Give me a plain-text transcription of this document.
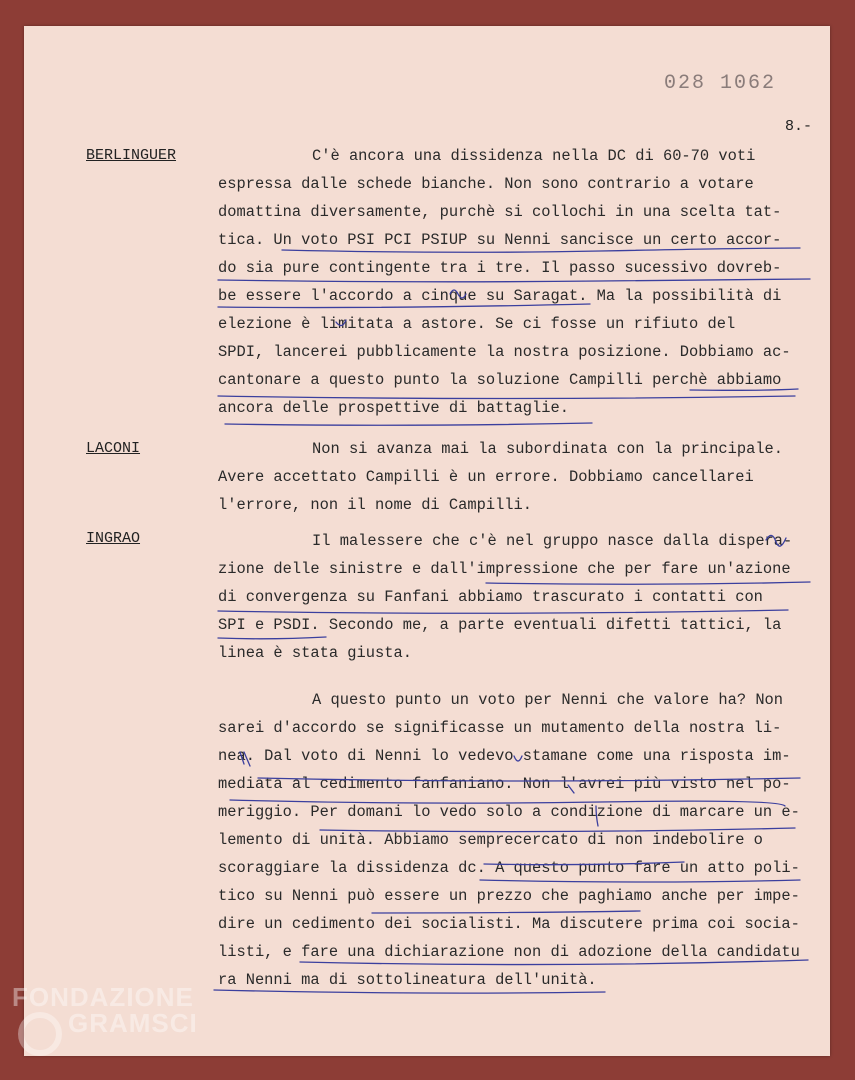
028 1062
8.-
BERLINGUER	C'è ancora una dissidenza nella DC di 60-70 voti
espressa dalle schede bianche. Non sono contrario a votare
domattina diversamente, purchè si collochi in una scelta tat-
tica. Un voto PSI PCI PSIUP su Nenni sancisce un certo accor-
do sia pure contingente tra i tre. Il passo sucessivo dovreb-
be essere l'accordo a cinque su Saragat. Ma la possibilità di
elezione è limitata a astore. Se ci fosse un rifiuto del
SPDI, lancerei pubblicamente la nostra posizione. Dobbiamo ac-
cantonare a questo punto la soluzione Campilli perchè abbiamo
ancora delle prospettive di battaglie.
LACONI	Non si avanza mai la subordinata con la principale.
Avere accettato Campilli è un errore. Dobbiamo cancellarei
l'errore, non il nome di Campilli.
INGRAO	Il malessere che c'è nel gruppo nasce dalla dispera-
zione delle sinistre e dall'impressione che per fare un'azione
di convergenza su Fanfani abbiamo trascurato i contatti con
SPI e PSDI. Secondo me, a parte eventuali difetti tattici, la
linea è stata giusta.
A questo punto un voto per Nenni che valore ha? Non
sarei d'accordo se significasse un mutamento della nostra li-
nea. Dal voto di Nenni lo vedevo stamane come una risposta im-
mediata al cedimento fanfaniano. Non l'avrei più visto nel po-
meriggio. Per domani lo vedo solo a condizione di marcare un e-
lemento di unità. Abbiamo semprecercato di non indebolire o
scoraggiare la dissidenza dc. A questo punto fare un atto poli-
tico su Nenni può essere un prezzo che paghiamo anche per impe-
dire un cedimento dei socialisti. Ma discutere prima coi socia-
listi, e fare una dichiarazione non di adozione della candidatu
ra Nenni ma di sottolineatura dell'unità.
FONDAZIONE
GRAMSCI
